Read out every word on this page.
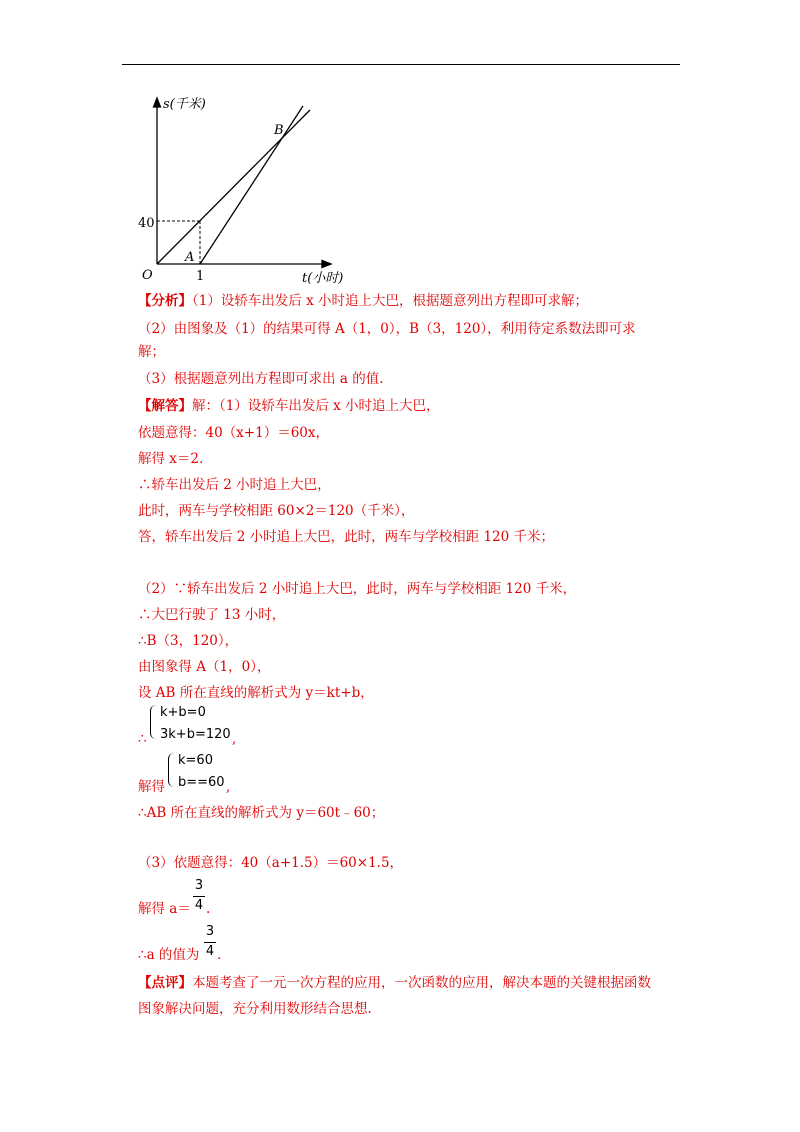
s(千米)
t(小时)
O
40
1
A
B
【分析】（1）设轿车出发后 x 小时追上大巴，根据题意列出方程即可求解；
（2）由图象及（1）的结果可得 A（1，0），B（3，120），利用待定系数法即可求
解；
（3）根据题意列出方程即可求出 a 的值.
【解答】解：（1）设轿车出发后 x 小时追上大巴，
依题意得：40（x+1）＝60x，
解得 x＝2.
∴轿车出发后 2 小时追上大巴，
此时，两车与学校相距 60×2＝120（千米），
答，轿车出发后 2 小时追上大巴，此时，两车与学校相距 120 千米；
（2）∵轿车出发后 2 小时追上大巴，此时，两车与学校相距 120 千米，
∴大巴行驶了 13 小时，
∴B（3，120），
由图象得 A（1，0），
设 AB 所在直线的解析式为 y＝kt+b，
∴
k+b=0
3k+b=120 ,
解得
k=60
b==60 ,
∴AB 所在直线的解析式为 y＝60t﹣60；
（3）依题意得：40（a+1.5）＝60×1.5，
3
4
解得 a＝ .
3
4
∴a 的值为 .
【点评】本题考查了一元一次方程的应用，一次函数的应用，解决本题的关键根据函数
图象解决问题，充分利用数形结合思想.
